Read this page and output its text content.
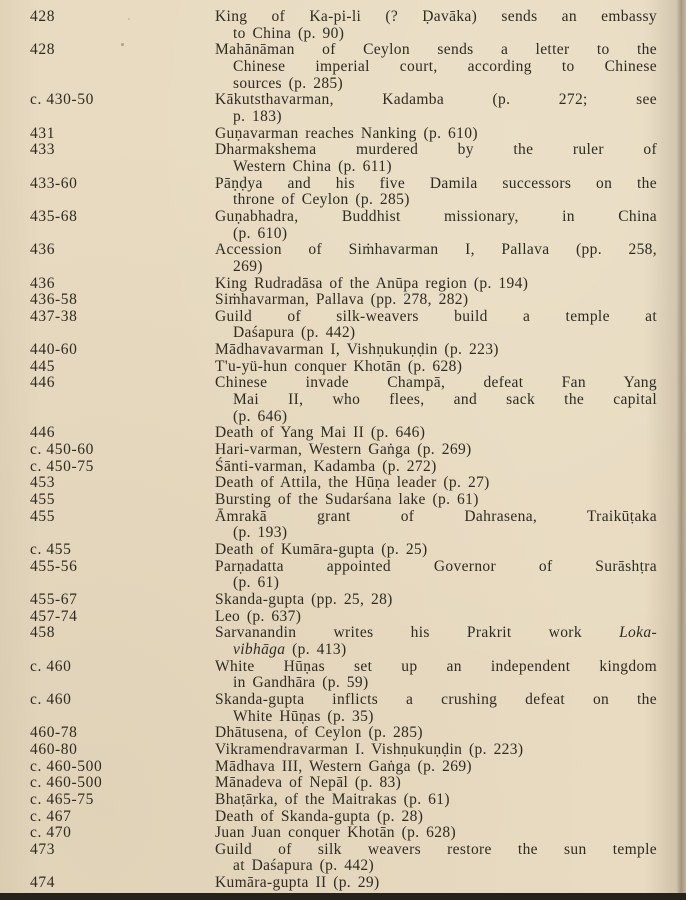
428	King of Ka-pi-li (? Ḍavāka) sends an embassy
to China (p. 90)
428	Mahānāman of Ceylon sends a letter to the
Chinese imperial court, according to Chinese
sources (p. 285)
c. 430-50	Kākutsthavarman, Kadamba (p. 272; see
p. 183)
431	Guṇavarman reaches Nanking (p. 610)
433	Dharmakshema murdered by the ruler of
Western China (p. 611)
433-60	Pāṇḍya and his five Damila successors on the
throne of Ceylon (p. 285)
435-68	Guṇabhadra, Buddhist missionary, in China
(p. 610)
436	Accession of Siṁhavarman I, Pallava (pp. 258,
269)
436	King Rudradāsa of the Anūpa region (p. 194)
436-58	Siṁhavarman, Pallava (pp. 278, 282)
437-38	Guild of silk-weavers build a temple at
Daśapura (p. 442)
440-60	Mādhavavarman I, Vishṇukuṇḍin (p. 223)
445	T'u-yü-hun conquer Khotān (p. 628)
446	Chinese invade Champā, defeat Fan Yang
Mai II, who flees, and sack the capital
(p. 646)
446	Death of Yang Mai II (p. 646)
c. 450-60	Hari-varman, Western Gaṅga (p. 269)
c. 450-75	Śānti-varman, Kadamba (p. 272)
453	Death of Attila, the Hūṇa leader (p. 27)
455	Bursting of the Sudarśana lake (p. 61)
455	Āmrakā grant of Dahrasena, Traikūṭaka
(p. 193)
c. 455	Death of Kumāra-gupta (p. 25)
455-56	Parṇadatta appointed Governor of Surāshṭra
(p. 61)
455-67	Skanda-gupta (pp. 25, 28)
457-74	Leo (p. 637)
458	Sarvanandin writes his Prakrit work Loka-
vibhāga (p. 413)
c. 460	White Hūṇas set up an independent kingdom
in Gandhāra (p. 59)
c. 460	Skanda-gupta inflicts a crushing defeat on the
White Hūṇas (p. 35)
460-78	Dhātusena, of Ceylon (p. 285)
460-80	Vikramendravarman I. Vishṇukuṇḍin (p. 223)
c. 460-500	Mādhava III, Western Gaṅga (p. 269)
c. 460-500	Mānadeva of Nepāl (p. 83)
c. 465-75	Bhaṭārka, of the Maitrakas (p. 61)
c. 467	Death of Skanda-gupta (p. 28)
c. 470	Juan Juan conquer Khotān (p. 628)
473	Guild of silk weavers restore the sun temple
at Daśapura (p. 442)
474	Kumāra-gupta II (p. 29)
